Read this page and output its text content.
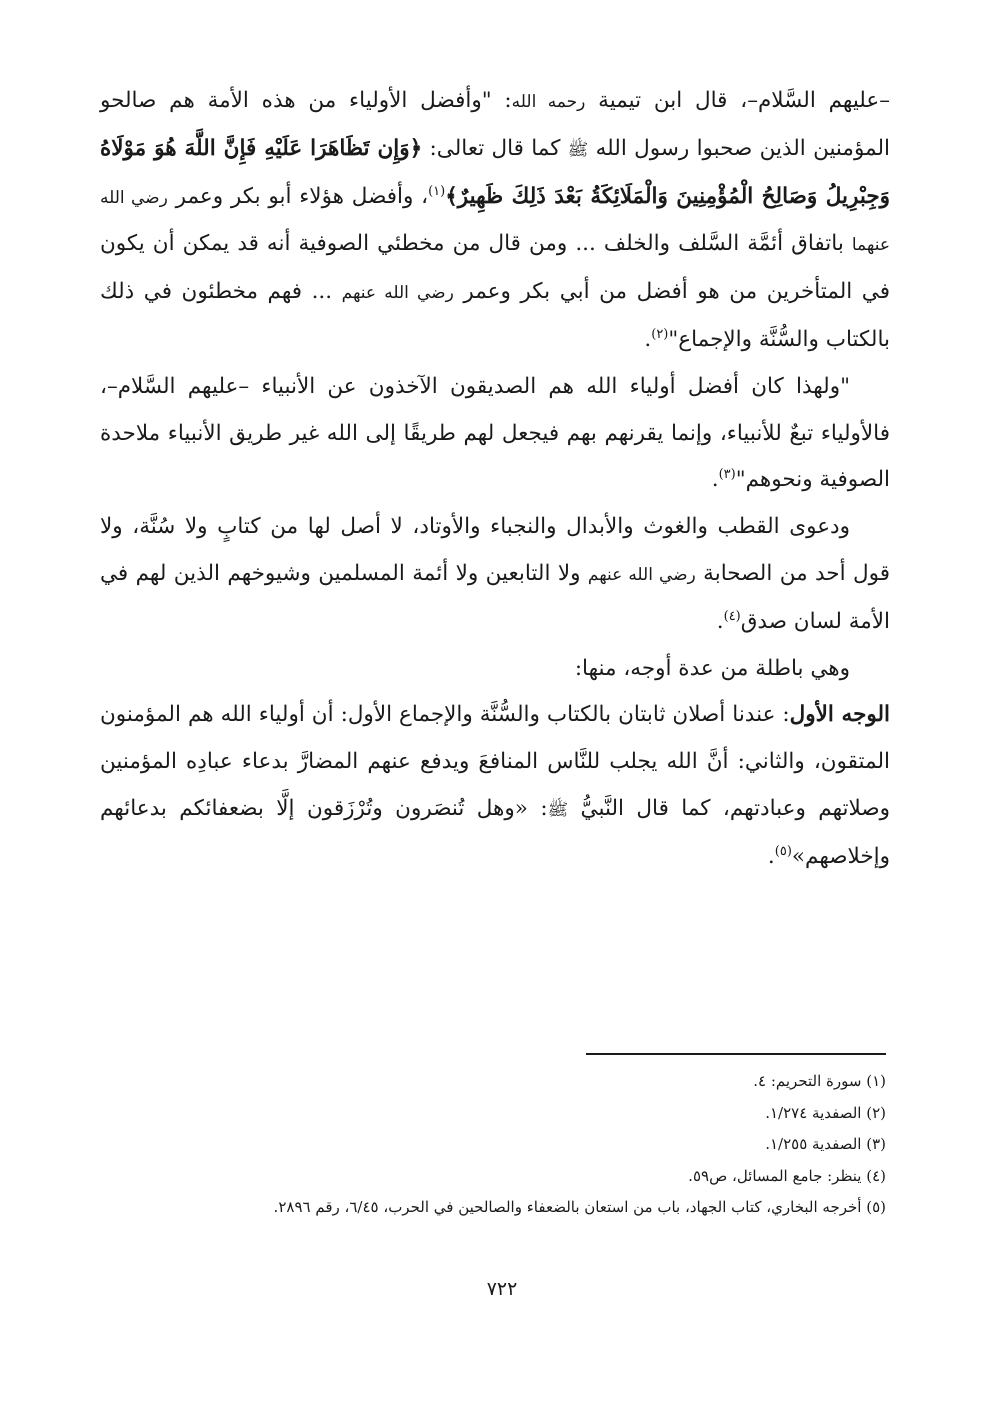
–عليهم السَّلام–، قال ابن تيمية رحمه الله: "وأفضل الأولياء من هذه الأمة هم صالحو المؤمنين الذين صحبوا رسول الله ﷺ كما قال تعالى: ﴿وَإِن تَظَاهَرَا عَلَيْهِ فَإِنَّ اللَّهَ هُوَ مَوْلَاهُ وَجِبْرِيلُ وَصَالِحُ الْمُؤْمِنِينَ وَالْمَلَائِكَةُ بَعْدَ ذَلِكَ ظَهِيرٌ﴾$^{(١)}$، وأفضل هؤلاء أبو بكر وعمر رضي الله عنهما باتفاق أئمَّة السَّلف والخلف ... ومن قال من مخطئي الصوفية أنه قد يمكن أن يكون في المتأخرين من هو أفضل من أبي بكر وعمر رضي الله عنهم ... فهم مخطئون في ذلك بالكتاب والسُّنَّة والإجماع"$^{(٢)}$.
"ولهذا كان أفضل أولياء الله هم الصديقون الآخذون عن الأنبياء –عليهم السَّلام–، فالأولياء تبعٌ للأنبياء، وإنما يقرنهم بهم فيجعل لهم طريقًا إلى الله غير طريق الأنبياء ملاحدة الصوفية ونحوهم"$^{(٣)}$.
ودعوى القطب والغوث والأبدال والنجباء والأوتاد، لا أصل لها من كتابٍ ولا سُنَّة، ولا قول أحد من الصحابة رضي الله عنهم ولا التابعين ولا أئمة المسلمين وشيوخهم الذين لهم في الأمة لسان صدق$^{(٤)}$.
وهي باطلة من عدة أوجه، منها:
الوجه الأول: عندنا أصلان ثابتان بالكتاب والسُّنَّة والإجماع الأول: أن أولياء الله هم المؤمنون المتقون، والثاني: أنَّ الله يجلب للنَّاس المنافعَ ويدفع عنهم المضارَّ بدعاء عبادِه المؤمنين وصلاتهم وعبادتهم، كما قال النَّبيُّ ﷺ: «وهل تُنصَرون وتُرْزَقون إلَّا بضعفائكم بدعائهم وإخلاصهم»$^{(٥)}$.
(١) سورة التحريم: ٤.
(٢) الصفدية ١/٢٧٤.
(٣) الصفدية ١/٢٥٥.
(٤) ينظر: جامع المسائل، ص٥٩.
(٥) أخرجه البخاري، كتاب الجهاد، باب من استعان بالضعفاء والصالحين في الحرب، ٦/٤٥، رقم ٢٨٩٦.
٧٢٢
